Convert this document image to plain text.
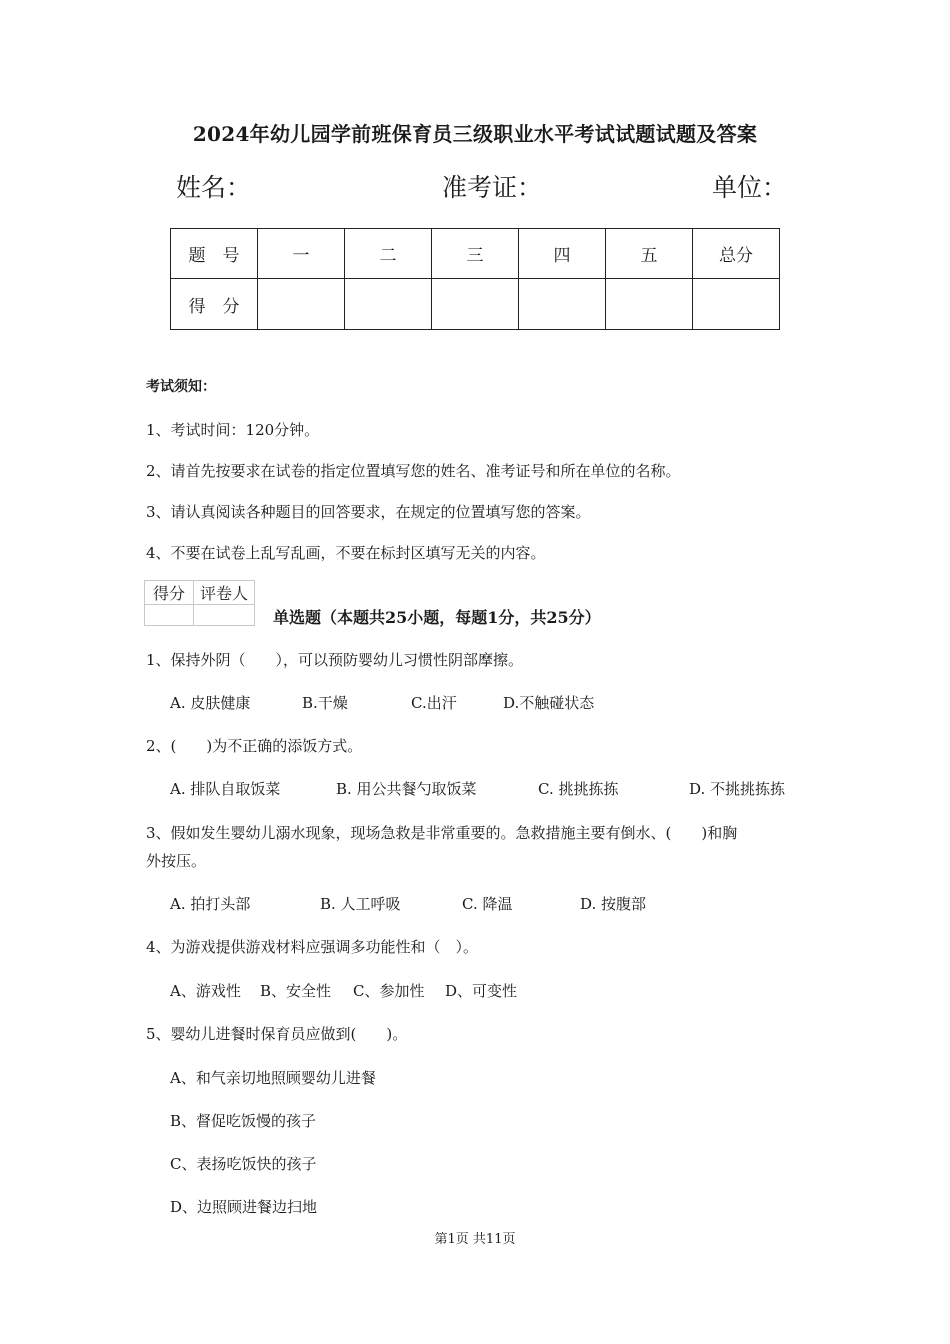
2024年幼儿园学前班保育员三级职业水平考试试题试题及答案
姓名：	准考证：	单位：
题　号	一	二	三	四	五	总分
得　分						
考试须知：
1、考试时间：120分钟。
2、请首先按要求在试卷的指定位置填写您的姓名、准考证号和所在单位的名称。
3、请认真阅读各种题目的回答要求，在规定的位置填写您的答案。
4、不要在试卷上乱写乱画，不要在标封区填写无关的内容。
得分	评卷人

单选题（本题共25小题，每题1分，共25分）
1、保持外阴（　　），可以预防婴幼儿习惯性阴部摩擦。
A. 皮肤健康	B.干燥	C.出汗	D.不触碰状态
2、(　　)为不正确的添饭方式。
A. 排队自取饭菜	B. 用公共餐勺取饭菜	C. 挑挑拣拣	D. 不挑挑拣拣
3、假如发生婴幼儿溺水现象，现场急救是非常重要的。急救措施主要有倒水、(　　)和胸
外按压。
A. 拍打头部	B. 人工呼吸	C. 降温	D. 按腹部
4、为游戏提供游戏材料应强调多功能性和（　）。
A、游戏性 B、安全性 C、参加性 D、可变性
5、婴幼儿进餐时保育员应做到(　　)。
A、和气亲切地照顾婴幼儿进餐
B、督促吃饭慢的孩子
C、表扬吃饭快的孩子
D、边照顾进餐边扫地
第1页 共11页
